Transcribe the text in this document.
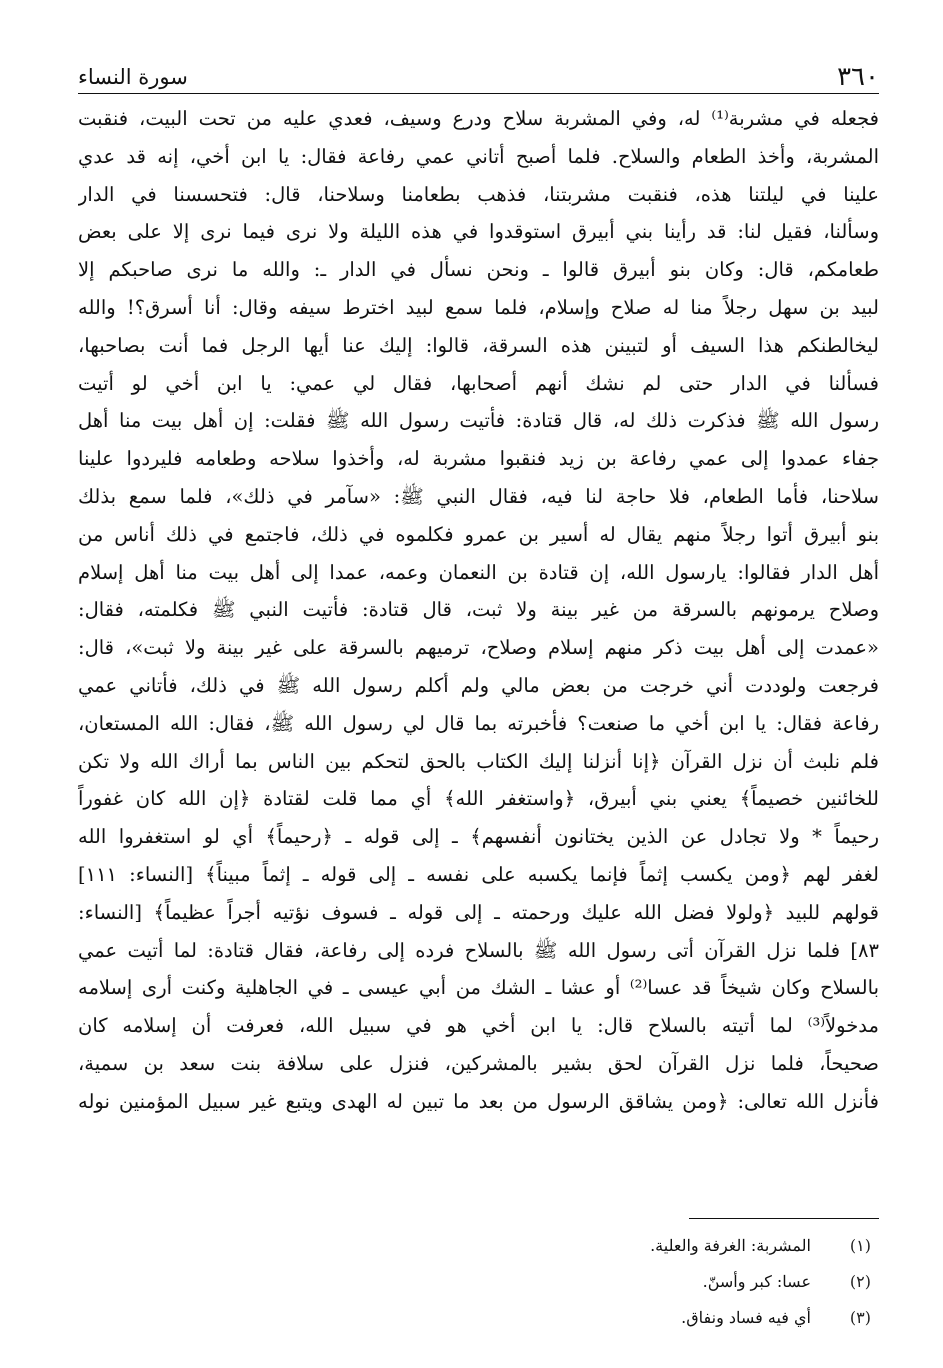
٣٦٠
سورة النساء
فجعله في مشربة⁽¹⁾ له، وفي المشربة سلاح ودرع وسيف، فعدي عليه من تحت البيت، فنقبت
المشربة، وأخذ الطعام والسلاح. فلما أصبح أتاني عمي رفاعة فقال: يا ابن أخي، إنه قد عدي
علينا في ليلتنا هذه، فنقبت مشربتنا، فذهب بطعامنا وسلاحنا، قال: فتحسسنا في الدار
وسألنا، فقيل لنا: قد رأينا بني أبيرق استوقدوا في هذه الليلة ولا نرى فيما نرى إلا على بعض
طعامكم، قال: وكان بنو أبيرق قالوا ـ ونحن نسأل في الدار ـ: والله ما نرى صاحبكم إلا
لبيد بن سهل رجلاً منا له صلاح وإسلام، فلما سمع لبيد اخترط سيفه وقال: أنا أسرق؟! والله
ليخالطنكم هذا السيف أو لتبينن هذه السرقة، قالوا: إليك عنا أيها الرجل فما أنت بصاحبها،
فسألنا في الدار حتى لم نشك أنهم أصحابها، فقال لي عمي: يا ابن أخي لو أتيت
رسول الله ﷺ فذكرت ذلك له، قال قتادة: فأتيت رسول الله ﷺ فقلت: إن أهل بيت منا أهل
جفاء عمدوا إلى عمي رفاعة بن زيد فنقبوا مشربة له، وأخذوا سلاحه وطعامه فليردوا علينا
سلاحنا، فأما الطعام، فلا حاجة لنا فيه، فقال النبي ﷺ: «سآمر في ذلك»، فلما سمع بذلك
بنو أبيرق أتوا رجلاً منهم يقال له أسير بن عمرو فكلموه في ذلك، فاجتمع في ذلك أناس من
أهل الدار فقالوا: يارسول الله، إن قتادة بن النعمان وعمه، عمدا إلى أهل بيت منا أهل إسلام
وصلاح يرمونهم بالسرقة من غير بينة ولا ثبت، قال قتادة: فأتيت النبي ﷺ فكلمته، فقال:
«عمدت إلى أهل بيت ذكر منهم إسلام وصلاح، ترميهم بالسرقة على غير بينة ولا ثبت»، قال:
فرجعت ولوددت أني خرجت من بعض مالي ولم أكلم رسول الله ﷺ في ذلك، فأتاني عمي
رفاعة فقال: يا ابن أخي ما صنعت؟ فأخبرته بما قال لي رسول الله ﷺ، فقال: الله المستعان،
فلم نلبث أن نزل القرآن ﴿إنا أنزلنا إليك الكتاب بالحق لتحكم بين الناس بما أراك الله ولا تكن
للخائنين خصيماً﴾ يعني بني أبيرق، ﴿واستغفر الله﴾ أي مما قلت لقتادة ﴿إن الله كان غفوراً
رحيماً * ولا تجادل عن الذين يختانون أنفسهم﴾ ـ إلى قوله ـ ﴿رحيماً﴾ أي لو استغفروا الله
لغفر لهم ﴿ومن يكسب إثماً فإنما يكسبه على نفسه ـ إلى قوله ـ إثماً مبيناً﴾ [النساء: ١١١]
قولهم للبيد ﴿ولولا فضل الله عليك ورحمته ـ إلى قوله ـ فسوف نؤتيه أجراً عظيماً﴾ [النساء:
٨٣] فلما نزل القرآن أتى رسول الله ﷺ بالسلاح فرده إلى رفاعة، فقال قتادة: لما أتيت عمي
بالسلاح وكان شيخاً قد عسا⁽²⁾ أو عشا ـ الشك من أبي عيسى ـ في الجاهلية وكنت أرى إسلامه
مدخولاً⁽³⁾ لما أتيته بالسلاح قال: يا ابن أخي هو في سبيل الله، فعرفت أن إسلامه كان
صحيحاً، فلما نزل القرآن لحق بشير بالمشركين، فنزل على سلافة بنت سعد بن سمية،
فأنزل الله تعالى: ﴿ومن يشاقق الرسول من بعد ما تبين له الهدى ويتبع غير سبيل المؤمنين نوله
(١)
المشربة: الغرفة والعلية.
(٢)
عسا: كبر وأسنّ.
(٣)
أي فيه فساد ونفاق.
